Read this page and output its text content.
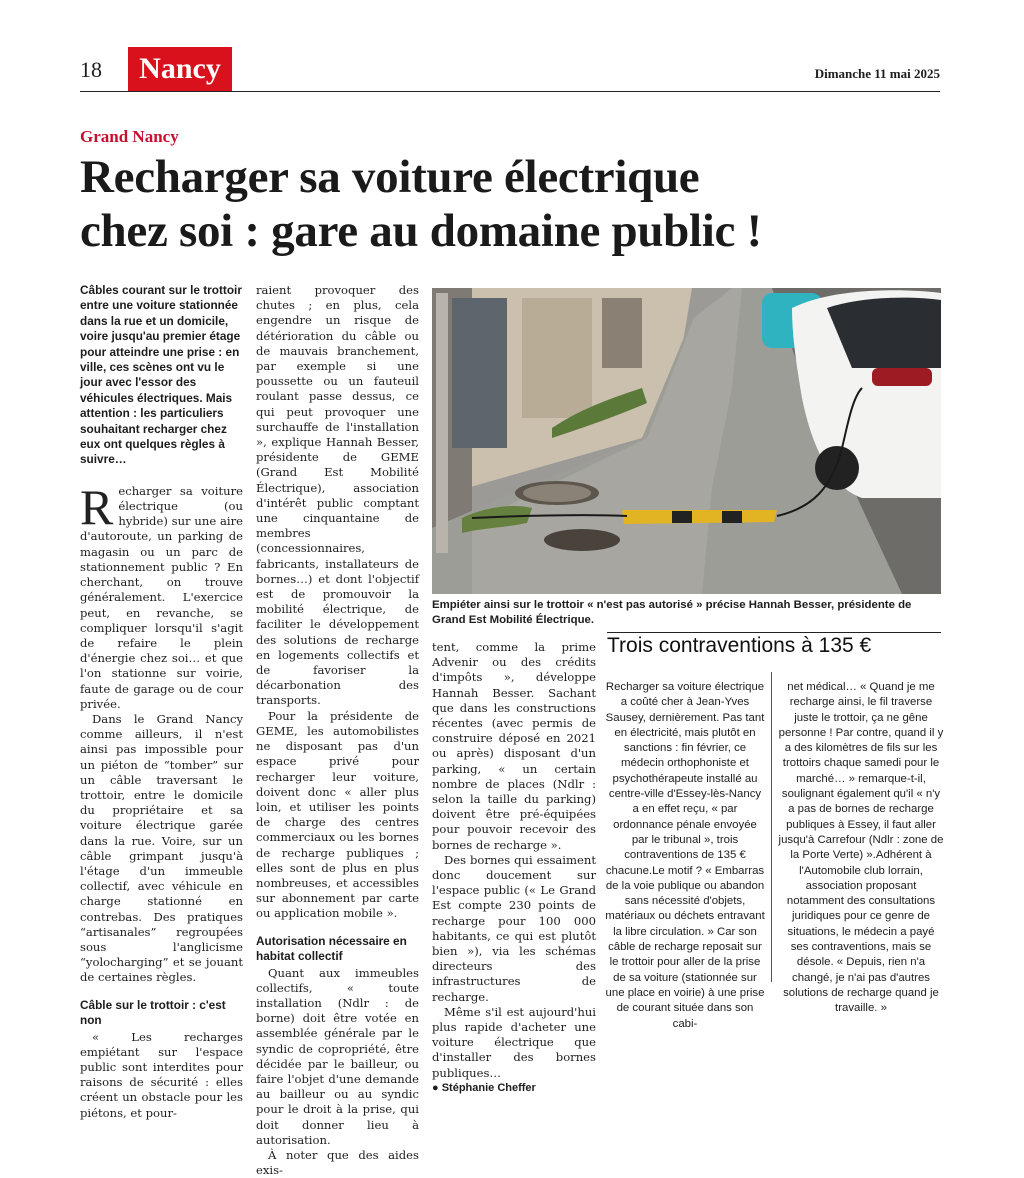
18	Nancy	Dimanche 11 mai 2025
Grand Nancy
Recharger sa voiture électrique
chez soi : gare au domaine public !

Câbles courant sur le trottoir entre une voiture stationnée dans la rue et un domicile, voire jusqu'au premier étage pour atteindre une prise : en ville, ces scènes ont vu le jour avec l'essor des véhicules électriques. Mais attention : les particuliers souhaitant recharger chez eux ont quelques règles à suivre…

Recharger sa voiture électrique (ou hybride) sur une aire d'autoroute, un parking de magasin ou un parc de stationnement public ? En cherchant, on trouve généralement. L'exercice peut, en revanche, se compliquer lorsqu'il s'agit de refaire le plein d'énergie chez soi… et que l'on stationne sur voirie, faute de garage ou de cour privée.

Dans le Grand Nancy comme ailleurs, il n'est ainsi pas impossible pour un piéton de “tomber” sur un câble traversant le trottoir, entre le domicile du propriétaire et sa voiture électrique garée dans la rue. Voire, sur un câble grimpant jusqu'à l'étage d'un immeuble collectif, avec véhicule en charge stationné en contrebas. Des pratiques “artisanales” regroupées sous l'anglicisme “yolocharging” et se jouant de certaines règles.

Câble sur le trottoir : c'est non

« Les recharges empiétant sur l'espace public sont interdites pour raisons de sécurité : elles créent un obstacle pour les piétons, et pour-

raient provoquer des chutes ; en plus, cela engendre un risque de détérioration du câble ou de mauvais branchement, par exemple si une poussette ou un fauteuil roulant passe dessus, ce qui peut provoquer une surchauffe de l'installation », explique Hannah Besser, présidente de GEME (Grand Est Mobilité Électrique), association d'intérêt public comptant une cinquantaine de membres (concessionnaires, fabricants, installateurs de bornes…) et dont l'objectif est de promouvoir la mobilité électrique, de faciliter le développement des solutions de recharge en logements collectifs et de favoriser la décarbonation des transports.

Pour la présidente de GEME, les automobilistes ne disposant pas d'un espace privé pour recharger leur voiture, doivent donc « aller plus loin, et utiliser les points de charge des centres commerciaux ou les bornes de recharge publiques ; elles sont de plus en plus nombreuses, et accessibles sur abonnement par carte ou application mobile ».

Autorisation nécessaire en habitat collectif

Quant aux immeubles collectifs, « toute installation (Ndlr : de borne) doit être votée en assemblée générale par le syndic de copropriété, être décidée par le bailleur, ou faire l'objet d'une demande au bailleur ou au syndic pour le droit à la prise, qui doit donner lieu à autorisation.

À noter que des aides exis-

Empiéter ainsi sur le trottoir « n'est pas autorisé » précise Hannah Besser, présidente de Grand Est Mobilité Électrique.

tent, comme la prime Advenir ou des crédits d'impôts », développe Hannah Besser. Sachant que dans les constructions récentes (avec permis de construire déposé en 2021 ou après) disposant d'un parking, « un certain nombre de places (Ndlr : selon la taille du parking) doivent être pré-équipées pour pouvoir recevoir des bornes de recharge ».

Des bornes qui essaiment donc doucement sur l'espace public (« Le Grand Est compte 230 points de recharge pour 100 000 habitants, ce qui est plutôt bien »), via les schémas directeurs des infrastructures de recharge.

Même s'il est aujourd'hui plus rapide d'acheter une voiture électrique que d'installer des bornes publiques…

● Stéphanie Cheffer
Trois contraventions à 135 €

Recharger sa voiture électrique a coûté cher à Jean-Yves Sausey, dernièrement. Pas tant en électricité, mais plutôt en sanctions : fin février, ce médecin orthophoniste et psychothérapeute installé au centre-ville d'Essey-lès-Nancy a en effet reçu, « par ordonnance pénale envoyée par le tribunal », trois contraventions de 135 € chacune.Le motif ? « Embarras de la voie publique ou abandon sans nécessité d'objets, matériaux ou déchets entravant la libre circulation. » Car son câble de recharge reposait sur le trottoir pour aller de la prise de sa voiture (stationnée sur une place en voirie) à une prise de courant située dans son cabi-

net médical… « Quand je me recharge ainsi, le fil traverse juste le trottoir, ça ne gêne personne ! Par contre, quand il y a des kilomètres de fils sur les trottoirs chaque samedi pour le marché… » remarque-t-il, soulignant également qu'il « n'y a pas de bornes de recharge publiques à Essey, il faut aller jusqu'à Carrefour (Ndlr : zone de la Porte Verte) ».Adhérent à l'Automobile club lorrain, association proposant notamment des consultations juridiques pour ce genre de situations, le médecin a payé ses contraventions, mais se désole. « Depuis, rien n'a changé, je n'ai pas d'autres solutions de recharge quand je travaille. »
